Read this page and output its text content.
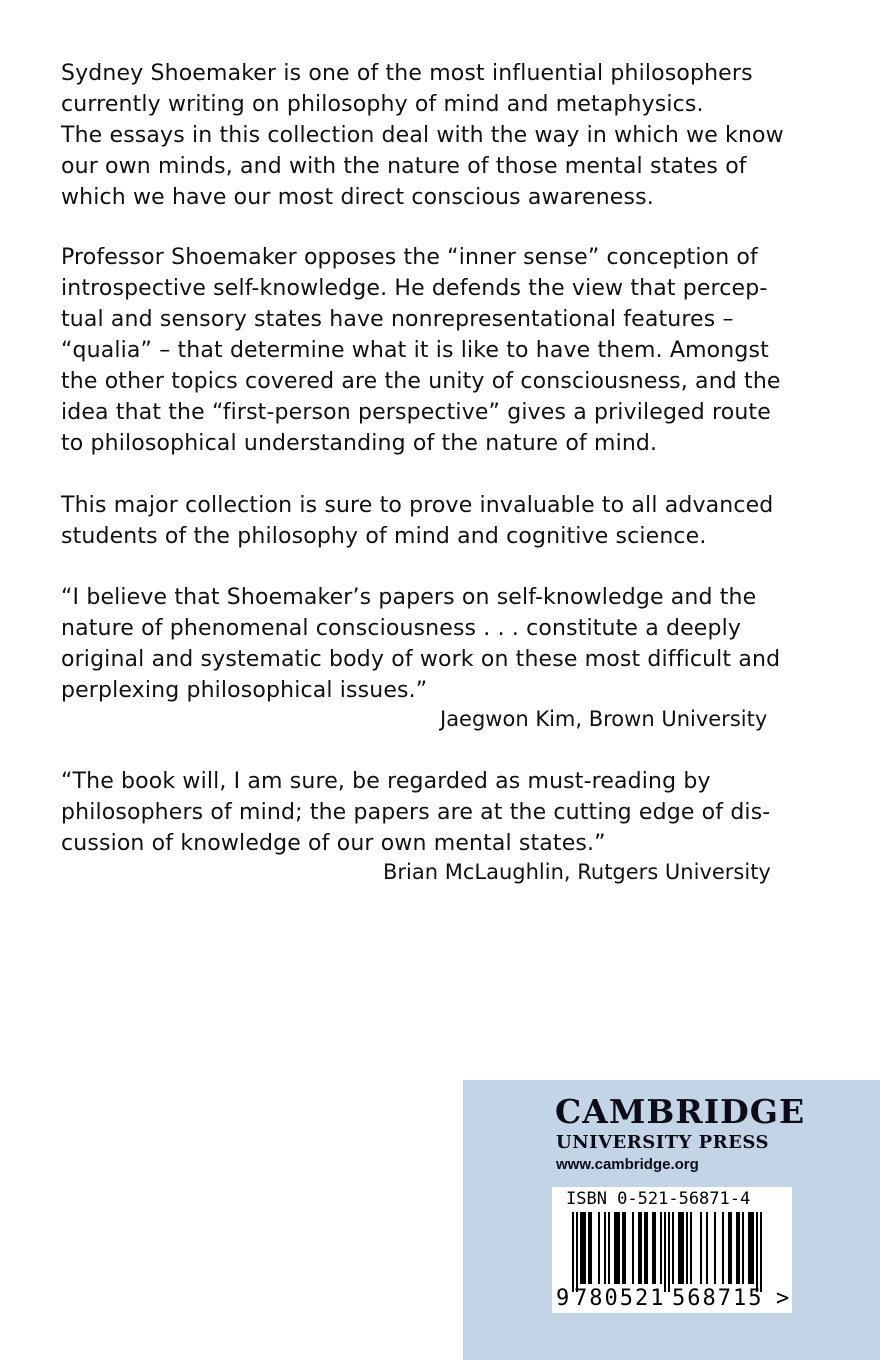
Sydney Shoemaker is one of the most influential philosophers
currently writing on philosophy of mind and metaphysics.
The essays in this collection deal with the way in which we know
our own minds, and with the nature of those mental states of
which we have our most direct conscious awareness.

Professor Shoemaker opposes the “inner sense” conception of
introspective self-knowledge. He defends the view that percep-
tual and sensory states have nonrepresentational features –
“qualia” – that determine what it is like to have them. Amongst
the other topics covered are the unity of consciousness, and the
idea that the “first-person perspective” gives a privileged route
to philosophical understanding of the nature of mind.

This major collection is sure to prove invaluable to all advanced
students of the philosophy of mind and cognitive science.

“I believe that Shoemaker’s papers on self-knowledge and the
nature of phenomenal consciousness . . . constitute a deeply
original and systematic body of work on these most difficult and
perplexing philosophical issues.”

Jaegwon Kim, Brown University

“The book will, I am sure, be regarded as must-reading by
philosophers of mind; the papers are at the cutting edge of dis-
cussion of knowledge of our own mental states.”

Brian McLaughlin, Rutgers University
CAMBRIDGE
UNIVERSITY PRESS
www.cambridge.org
ISBN 0-521-56871-4
9 780521 568715 >
